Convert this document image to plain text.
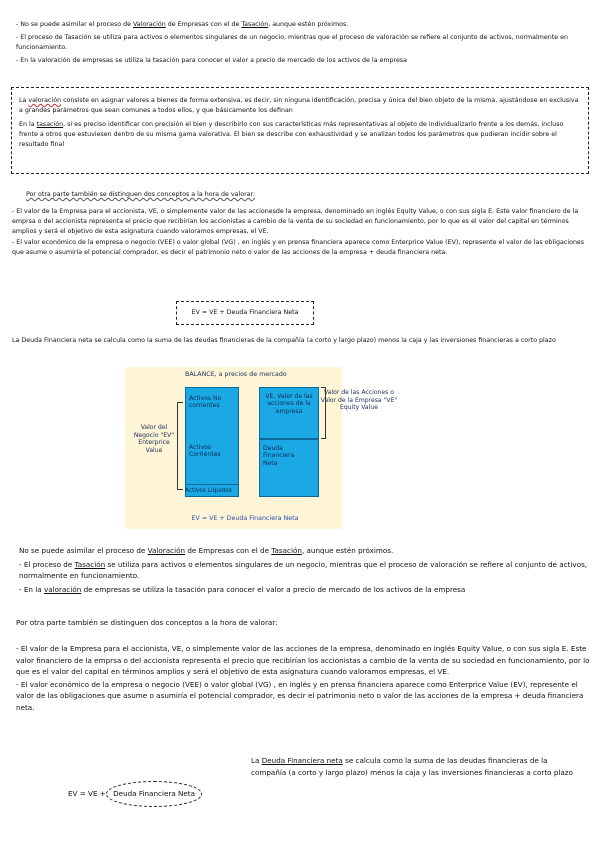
- No se puede asimilar el proceso de Valoración de Empresas con el de Tasación, aunque estén próximos.

- El proceso de Tasación se utiliza para activos o elementos singulares de un negocio, mientras que el proceso de valoración se refiere al conjunto de activos, normalmente en funcionamiento.

- En la valoración de empresas se utiliza la tasación para conocer el valor a precio de mercado de los activos de la empresa

La valoración consiste en asignar valores a bienes de forma extensiva, es decir, sin ninguna identificación, precisa y única del bien objeto de la misma, ajustándose en exclusiva a grandes parámetros que sean comunes a todos ellos, y que básicamente los definan

En la tasación, si es preciso identificar con precisión el bien y describirlo con sus características más representativas al objeto de individualizarlo frente a los demás, incluso frente a otros que estuviesen dentro de su misma gama valorativa. El bien se describe con exhaustividad y se analizan todos los parámetros que pudieran incidir sobre el resultado final

Por otra parte también se distinguen dos conceptos a la hora de valorar:

- El valor de la Empresa para el accionista, VE, o simplemente valor de las accionesde la empresa, denominado en inglés Equity Value, o con sus sigla E. Este valor financiero de la emprsa o del accionista representa el precio que recibirían los accionistas a cambio de la venta de su sociedad en funcionamiento, por lo que es el valor del capital en términos amplios y será el objetivo de esta asignatura cuando valoramos empresas, el VE.

- El valor económico de la empresa o negocio (VEE) o valor global (VG) , en inglés y en prensa financiera aparece como Enterprice Value (EV), represente el valor de las obligaciones que asume o asumiría el potencial comprador, es decir el patrimonio neto o valor de las acciones de la empresa + deuda financiera neta.

EV = VE + Deuda Financiera Neta

La Deuda Financiera neta se calcula como la suma de las deudas financieras de la compañía (a corto y largo plazo) menos la caja y las inversiones financieras a corto plazo

BALANCE, a precios de mercado
Valor del Negocio "EV" Enterprice Value
Activos No corrientes
Activos Corrientes
Activos Líquidos
VE, Valor de las acciones de la empresa
Deuda Financiera Neta
Valor de las Acciones o Valor de la Empresa "VE" Equity Value
EV = VE + Deuda Financiera Neta

No se puede asimilar el proceso de Valoración de Empresas con el de Tasación, aunque estén próximos.

- El proceso de Tasación se utiliza para activos o elementos singulares de un negocio, mientras que el proceso de valoración se refiere al conjunto de activos, normalmente en funcionamiento.

- En la valoración de empresas se utiliza la tasación para conocer el valor a precio de mercado de los activos de la empresa

Por otra parte también se distinguen dos conceptos a la hora de valorar:

- El valor de la Empresa para el accionista, VE, o simplemente valor de las acciones de la empresa, denominado en inglés Equity Value, o con sus sigla E. Este valor financiero de la emprsa o del accionista representa el precio que recibirían los accionistas a cambio de la venta de su sociedad en funcionamiento, por lo que es el valor del capital en términos amplios y será el objetivo de esta asignatura cuando valoramos empresas, el VE.

- El valor económico de la empresa o negocio (VEE) o valor global (VG) , en inglés y en prensa financiera aparece como Enterprice Value (EV), represente el valor de las obligaciones que asume o asumiría el potencial comprador, es decir el patrimonio neto o valor de las acciones de la empresa + deuda financiera neta.

EV = VE + Deuda Financiera Neta

La Deuda Financiera neta se calcula como la suma de las deudas financieras de la compañía (a corto y largo plazo) menos la caja y las inversiones financieras a corto plazo
